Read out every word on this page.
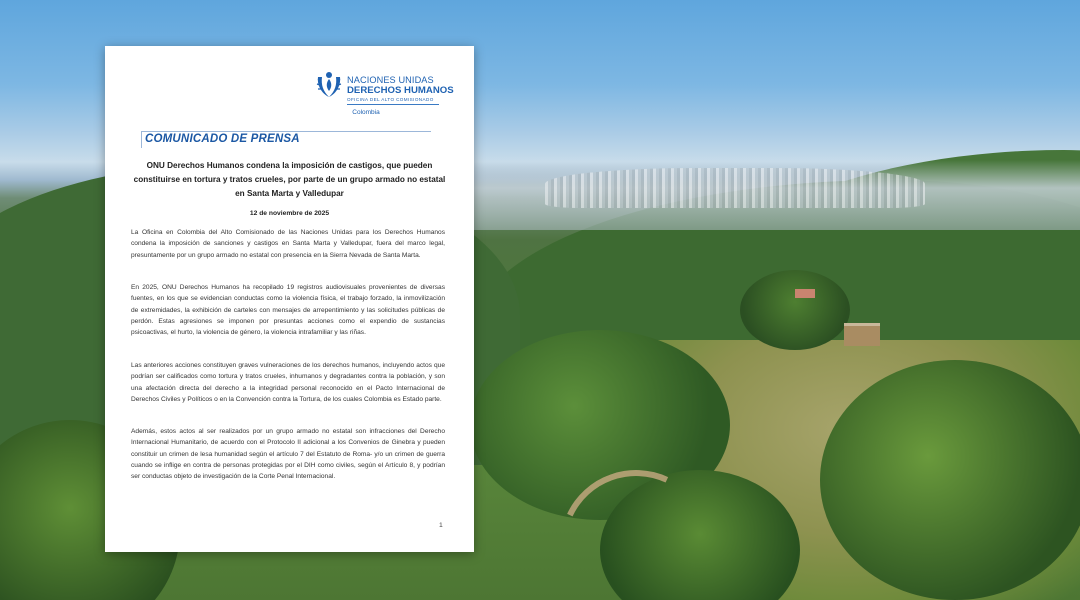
NACIONES UNIDAS
DERECHOS HUMANOS
OFICINA DEL ALTO COMISIONADO
Colombia
COMUNICADO DE PRENSA
ONU Derechos Humanos condena la imposición de castigos, que pueden constituirse en tortura y tratos crueles, por parte de un grupo armado no estatal en Santa Marta y Valledupar
12 de noviembre de 2025
La Oficina en Colombia del Alto Comisionado de las Naciones Unidas para los Derechos Humanos condena la imposición de sanciones y castigos en Santa Marta y Valledupar, fuera del marco legal, presuntamente por un grupo armado no estatal con presencia en la Sierra Nevada de Santa Marta.
En 2025, ONU Derechos Humanos ha recopilado 19 registros audiovisuales provenientes de diversas fuentes, en los que se evidencian conductas como la violencia física, el trabajo forzado, la inmovilización de extremidades, la exhibición de carteles con mensajes de arrepentimiento y las solicitudes públicas de perdón. Estas agresiones se imponen por presuntas acciones como el expendio de sustancias psicoactivas, el hurto, la violencia de género, la violencia intrafamiliar y las riñas.
Las anteriores acciones constituyen graves vulneraciones de los derechos humanos, incluyendo actos que podrían ser calificados como tortura y tratos crueles, inhumanos y degradantes contra la población, y son una afectación directa del derecho a la integridad personal reconocido en el Pacto Internacional de Derechos Civiles y Políticos o en la Convención contra la Tortura, de los cuales Colombia es Estado parte.
Además, estos actos al ser realizados por un grupo armado no estatal son infracciones del Derecho Internacional Humanitario, de acuerdo con el Protocolo II adicional a los Convenios de Ginebra y pueden constituir un crimen de lesa humanidad según el artículo 7 del Estatuto de Roma- y/o un crimen de guerra cuando se inflige en contra de personas protegidas por el DIH como civiles, según el Artículo 8, y podrían ser conductas objeto de investigación de la Corte Penal Internacional.
1
